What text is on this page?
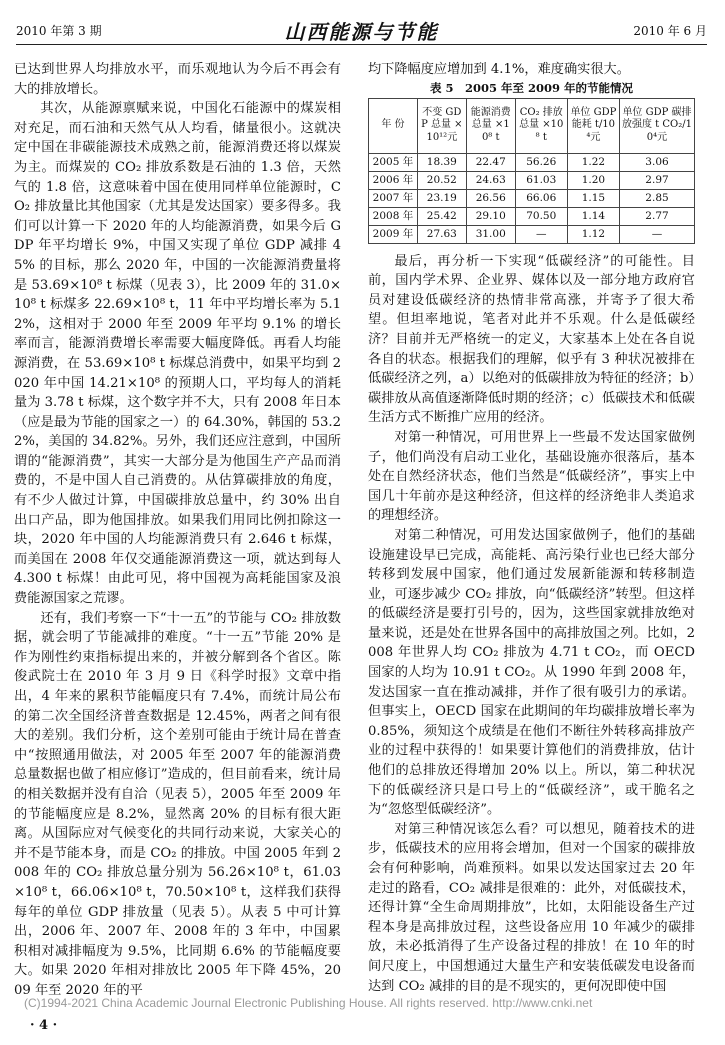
2010 年第 3 期	山西能源与节能	2010 年 6 月

已达到世界人均排放水平，而乐观地认为今后不再会有大的排放增长。

其次，从能源禀赋来说，中国化石能源中的煤炭相对充足，而石油和天然气从人均看，储量很小。这就决定中国在非碳能源技术成熟之前，能源消费还将以煤炭为主。而煤炭的 CO₂ 排放系数是石油的 1.3 倍，天然气的 1.8 倍，这意味着中国在使用同样单位能源时，CO₂ 排放量比其他国家（尤其是发达国家）要多得多。我们可以计算一下 2020 年的人均能源消费，如果今后 GDP 年平均增长 9%，中国又实现了单位 GDP 减排 45% 的目标，那么 2020 年，中国的一次能源消费量将是 53.69×10⁸ t 标煤（见表 3），比 2009 年的 31.0×10⁸ t 标煤多 22.69×10⁸ t，11 年中平均增长率为 5.12%，这相对于 2000 年至 2009 年平均 9.1% 的增长率而言，能源消费增长率需要大幅度降低。再看人均能源消费，在 53.69×10⁸ t 标煤总消费中，如果平均到 2020 年中国 14.21×10⁸ 的预期人口，平均每人的消耗量为 3.78 t 标煤，这个数字并不大，只有 2008 年日本（应是最为节能的国家之一）的 64.30%，韩国的 53.22%，美国的 34.82%。另外，我们还应注意到，中国所谓的“能源消费”，其实一大部分是为他国生产产品而消费的，不是中国人自己消费的。从估算碳排放的角度，有不少人做过计算，中国碳排放总量中，约 30% 出自出口产品，即为他国排放。如果我们用同比例扣除这一块，2020 年中国的人均能源消费只有 2.646 t 标煤，而美国在 2008 年仅交通能源消费这一项，就达到每人 4.300 t 标煤！由此可见，将中国视为高耗能国家及浪费能源国家之荒谬。

还有，我们考察一下“十一五”的节能与 CO₂ 排放数据，就会明了节能减排的难度。“十一五”节能 20% 是作为刚性约束指标提出来的，并被分解到各个省区。陈俊武院士在 2010 年 3 月 9 日《科学时报》文章中指出，4 年来的累积节能幅度只有 7.4%，而统计局公布的第二次全国经济普查数据是 12.45%，两者之间有很大的差别。我们分析，这个差别可能由于统计局在普查中“按照通用做法，对 2005 年至 2007 年的能源消费总量数据也做了相应修订”造成的，但目前看来，统计局的相关数据并没有自洽（见表 5），2005 年至 2009 年的节能幅度应是 8.2%，显然离 20% 的目标有很大距离。从国际应对气候变化的共同行动来说，大家关心的并不是节能本身，而是 CO₂ 的排放。中国 2005 年到 2008 年的 CO₂ 排放总量分别为 56.26×10⁸ t，61.03×10⁸ t，66.06×10⁸ t，70.50×10⁸ t，这样我们获得每年的单位 GDP 排放量（见表 5）。从表 5 中可计算出，2006 年、2007 年、2008 年的 3 年中，中国累积相对减排幅度为 9.5%，比同期 6.6% 的节能幅度要大。如果 2020 年相对排放比 2005 年下降 45%，2009 年至 2020 年的平

均下降幅度应增加到 4.1%，难度确实很大。

表 5　2005 年至 2009 年的节能情况
年 份	不变 GDP 总量 ×10¹²元	能源消费总量 ×10⁸ t	CO₂ 排放总量 ×10⁸ t	单位 GDP 能耗 t/10⁴元	单位 GDP 碳排放强度 t CO₂/10⁴元
2005 年	18.39	22.47	56.26	1.22	3.06
2006 年	20.52	24.63	61.03	1.20	2.97
2007 年	23.19	26.56	66.06	1.15	2.85
2008 年	25.42	29.10	70.50	1.14	2.77
2009 年	27.63	31.00	—	1.12	—

最后，再分析一下实现“低碳经济”的可能性。目前，国内学术界、企业界、媒体以及一部分地方政府官员对建设低碳经济的热情非常高涨，并寄予了很大希望。但坦率地说，笔者对此并不乐观。什么是低碳经济？目前并无严格统一的定义，大家基本上处在各自说各自的状态。根据我们的理解，似乎有 3 种状况被排在低碳经济之列，a）以绝对的低碳排放为特征的经济；b）碳排放从高值逐渐降低时期的经济；c）低碳技术和低碳生活方式不断推广应用的经济。

对第一种情况，可用世界上一些最不发达国家做例子，他们尚没有启动工业化，基础设施亦很落后，基本处在自然经济状态，他们当然是“低碳经济”，事实上中国几十年前亦是这种经济，但这样的经济绝非人类追求的理想经济。

对第二种情况，可用发达国家做例子，他们的基础设施建设早已完成，高能耗、高污染行业也已经大部分转移到发展中国家，他们通过发展新能源和转移制造业，可逐步减少 CO₂ 排放，向“低碳经济”转型。但这样的低碳经济是要打引号的，因为，这些国家就排放绝对量来说，还是处在世界各国中的高排放国之列。比如，2008 年世界人均 CO₂ 排放为 4.71 t CO₂，而 OECD 国家的人均为 10.91 t CO₂。从 1990 年到 2008 年，发达国家一直在推动减排，并作了很有吸引力的承诺。但事实上，OECD 国家在此期间的年均碳排放增长率为 0.85%，须知这个成绩是在他们不断往外转移高排放产业的过程中获得的！如果要计算他们的消费排放，估计他们的总排放还得增加 20% 以上。所以，第二种状况下的低碳经济只是口号上的“低碳经济”，或干脆名之为“忽悠型低碳经济”。

对第三种情况该怎么看？可以想见，随着技术的进步，低碳技术的应用将会增加，但对一个国家的碳排放会有何种影响，尚难预料。如果以发达国家过去 20 年走过的路看，CO₂ 减排是很难的：此外，对低碳技术，还得计算“全生命周期排放”，比如，太阳能设备生产过程本身是高排放过程，这些设备应用 10 年减少的碳排放，未必抵消得了生产设备过程的排放！在 10 年的时间尺度上，中国想通过大量生产和安装低碳发电设备而达到 CO₂ 减排的目的是不现实的，更何况即使中国

(C)1994-2021 China Academic Journal Electronic Publishing House. All rights reserved. http://www.cnki.net
· 4 ·
